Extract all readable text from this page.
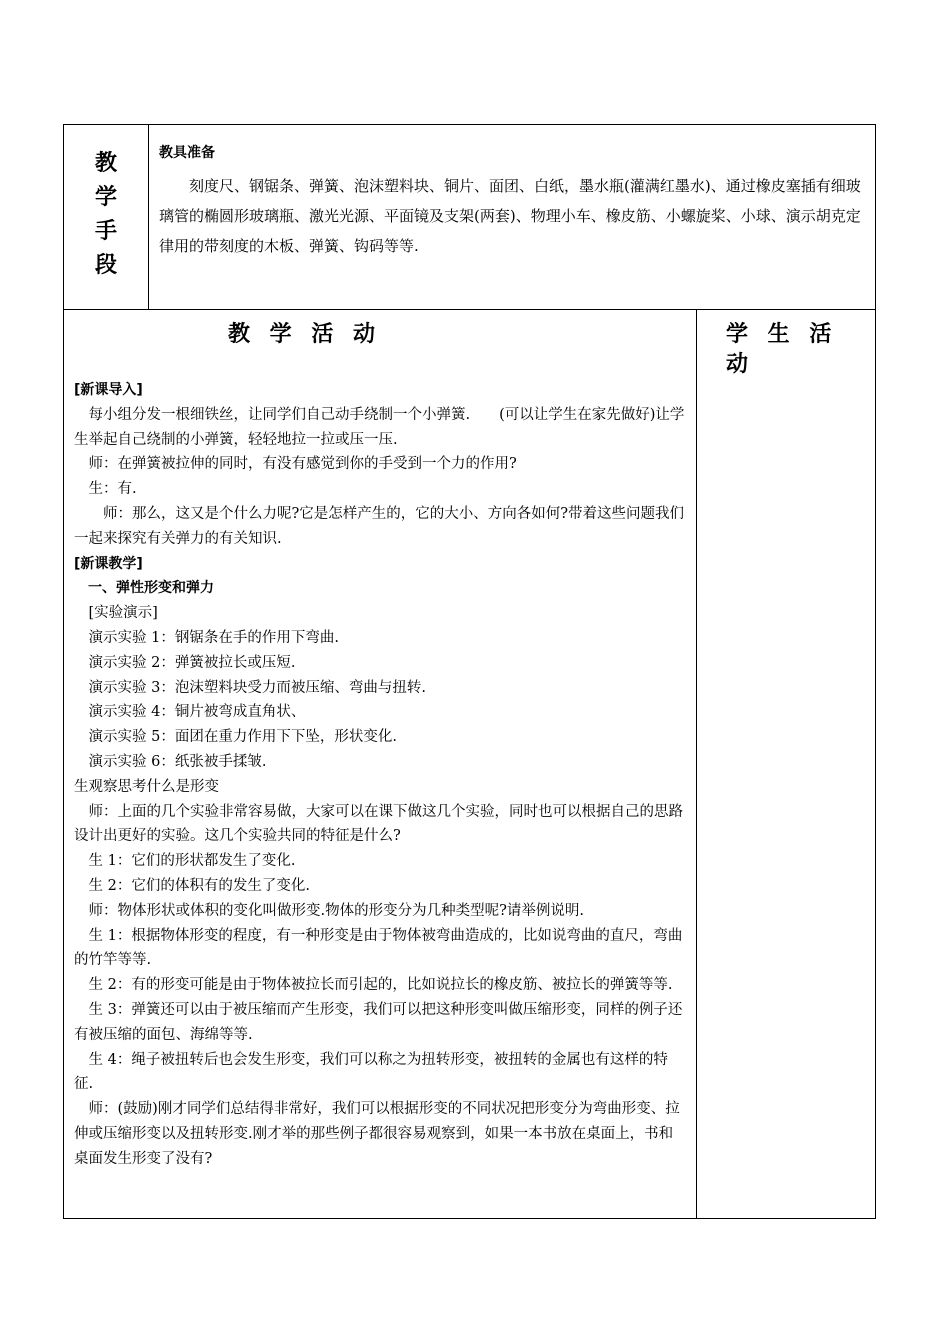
教
学
手
段
教具准备
刻度尺、钢锯条、弹簧、泡沫塑料块、铜片、面团、白纸，墨水瓶(灌满红墨水)、通过橡皮塞插有细玻璃管的椭圆形玻璃瓶、激光光源、平面镜及支架(两套)、物理小车、橡皮筋、小螺旋桨、小球、演示胡克定律用的带刻度的木板、弹簧、钩码等等.
教 学 活 动	学 生 活 动

[新课导入]

每小组分发一根细铁丝，让同学们自己动手绕制一个小弹簧.　　(可以让学生在家先做好)让学生举起自己绕制的小弹簧，轻轻地拉一拉或压一压.

师：在弹簧被拉伸的同时，有没有感觉到你的手受到一个力的作用?

生：有.

师：那么，这又是个什么力呢?它是怎样产生的，它的大小、方向各如何?带着这些问题我们一起来探究有关弹力的有关知识.

[新课教学]

一、弹性形变和弹力

[实验演示]

演示实验 1：钢锯条在手的作用下弯曲.

演示实验 2：弹簧被拉长或压短.

演示实验 3：泡沫塑料块受力而被压缩、弯曲与扭转.

演示实验 4：铜片被弯成直角状、

演示实验 5：面团在重力作用下下坠，形状变化.

演示实验 6：纸张被手揉皱.

生观察思考什么是形变

师：上面的几个实验非常容易做，大家可以在课下做这几个实验，同时也可以根据自己的思路设计出更好的实验。这几个实验共同的特征是什么?

生 1：它们的形状都发生了变化.

生 2：它们的体积有的发生了变化.

师：物体形状或体积的变化叫做形变.物体的形变分为几种类型呢?请举例说明.

生 1：根据物体形变的程度，有一种形变是由于物体被弯曲造成的，比如说弯曲的直尺，弯曲的竹竿等等.

生 2：有的形变可能是由于物体被拉长而引起的，比如说拉长的橡皮筋、被拉长的弹簧等等.

生 3：弹簧还可以由于被压缩而产生形变，我们可以把这种形变叫做压缩形变，同样的例子还有被压缩的面包、海绵等等.

生 4：绳子被扭转后也会发生形变，我们可以称之为扭转形变，被扭转的金属也有这样的特征.

师：(鼓励)刚才同学们总结得非常好，我们可以根据形变的不同状况把形变分为弯曲形变、拉伸或压缩形变以及扭转形变.刚才举的那些例子都很容易观察到，如果一本书放在桌面上，书和桌面发生形变了没有?
